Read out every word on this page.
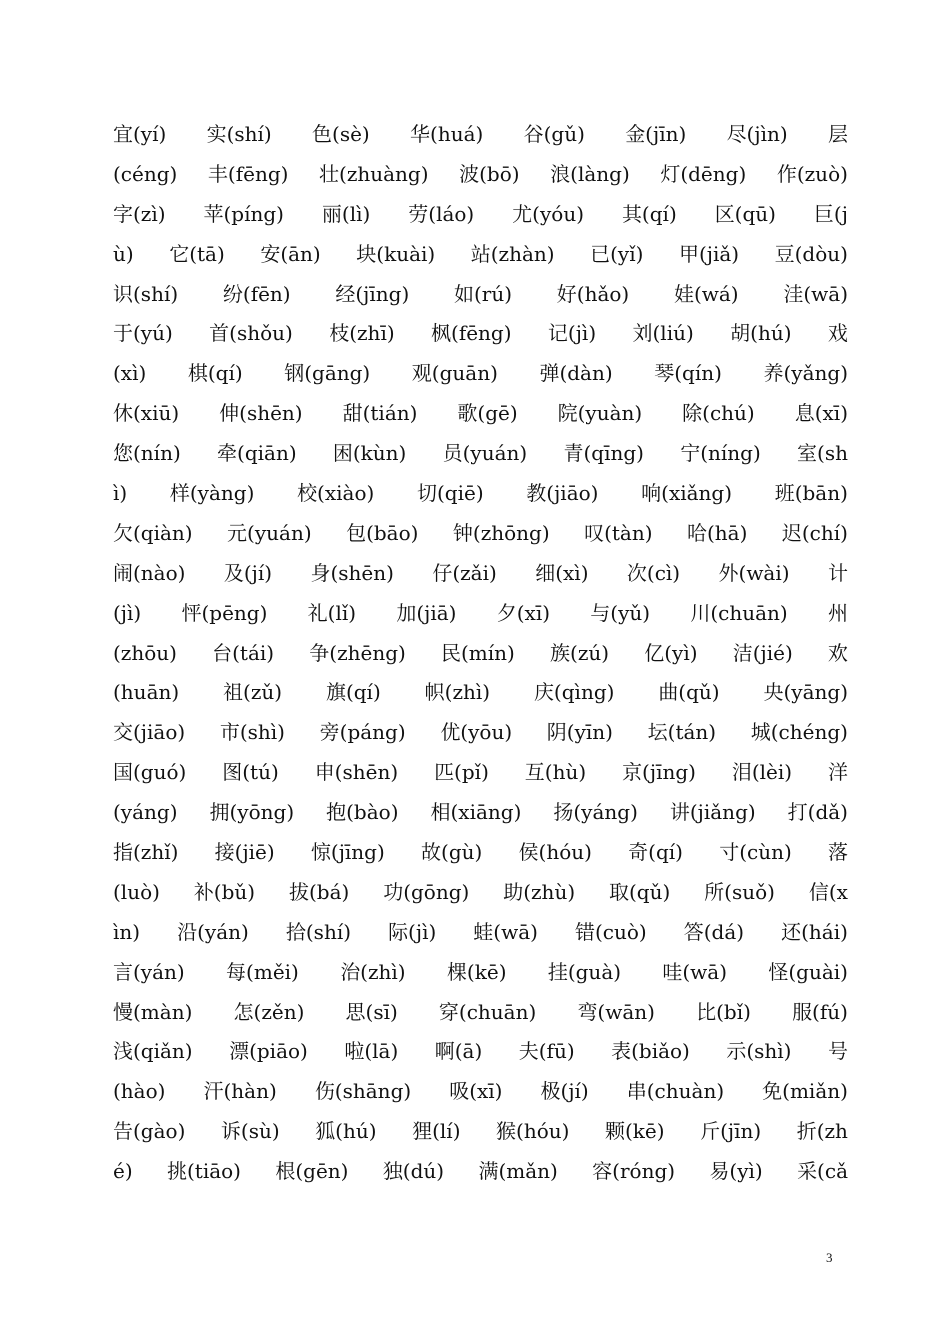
宜(yí) 实(shí) 色(sè) 华(huá) 谷(gǔ) 金(jīn) 尽(jìn) 层
(céng) 丰(fēng) 壮(zhuàng) 波(bō) 浪(làng) 灯(dēng) 作(zuò)
字(zì) 苹(píng) 丽(lì) 劳(láo) 尤(yóu) 其(qí) 区(qū) 巨(j
ù) 它(tā) 安(ān) 块(kuài) 站(zhàn) 已(yǐ) 甲(jiǎ) 豆(dòu)
识(shí) 纷(fēn) 经(jīng) 如(rú) 好(hǎo) 娃(wá) 洼(wā)
于(yú) 首(shǒu) 枝(zhī) 枫(fēng) 记(jì) 刘(liú) 胡(hú) 戏
(xì) 棋(qí) 钢(gāng) 观(guān) 弹(dàn) 琴(qín) 养(yǎng)
休(xiū) 伸(shēn) 甜(tián) 歌(gē) 院(yuàn) 除(chú) 息(xī)
您(nín) 牵(qiān) 困(kùn) 员(yuán) 青(qīng) 宁(níng) 室(sh
ì) 样(yàng) 校(xiào) 切(qiē) 教(jiāo) 响(xiǎng) 班(bān)
欠(qiàn) 元(yuán) 包(bāo) 钟(zhōng) 叹(tàn) 哈(hā) 迟(chí)
闹(nào) 及(jí) 身(shēn) 仔(zǎi) 细(xì) 次(cì) 外(wài) 计
(jì) 怦(pēng) 礼(lǐ) 加(jiā) 夕(xī) 与(yǔ) 川(chuān) 州
(zhōu) 台(tái) 争(zhēng) 民(mín) 族(zú) 亿(yì) 洁(jié) 欢
(huān) 祖(zǔ) 旗(qí) 帜(zhì) 庆(qìng) 曲(qǔ) 央(yāng)
交(jiāo) 市(shì) 旁(páng) 优(yōu) 阴(yīn) 坛(tán) 城(chéng)
国(guó) 图(tú) 申(shēn) 匹(pǐ) 互(hù) 京(jīng) 泪(lèi) 洋
(yáng) 拥(yōng) 抱(bào) 相(xiāng) 扬(yáng) 讲(jiǎng) 打(dǎ)
指(zhǐ) 接(jiē) 惊(jīng) 故(gù) 侯(hóu) 奇(qí) 寸(cùn) 落
(luò) 补(bǔ) 拔(bá) 功(gōng) 助(zhù) 取(qǔ) 所(suǒ) 信(x
ìn) 沿(yán) 拾(shí) 际(jì) 蛙(wā) 错(cuò) 答(dá) 还(hái)
言(yán) 每(měi) 治(zhì) 棵(kē) 挂(guà) 哇(wā) 怪(guài)
慢(màn) 怎(zěn) 思(sī) 穿(chuān) 弯(wān) 比(bǐ) 服(fú)
浅(qiǎn) 漂(piāo) 啦(lā) 啊(ā) 夫(fū) 表(biǎo) 示(shì) 号
(hào) 汗(hàn) 伤(shāng) 吸(xī) 极(jí) 串(chuàn) 免(miǎn)
告(gào) 诉(sù) 狐(hú) 狸(lí) 猴(hóu) 颗(kē) 斤(jīn) 折(zh
é) 挑(tiāo) 根(gēn) 独(dú) 满(mǎn) 容(róng) 易(yì) 采(cǎ
3
